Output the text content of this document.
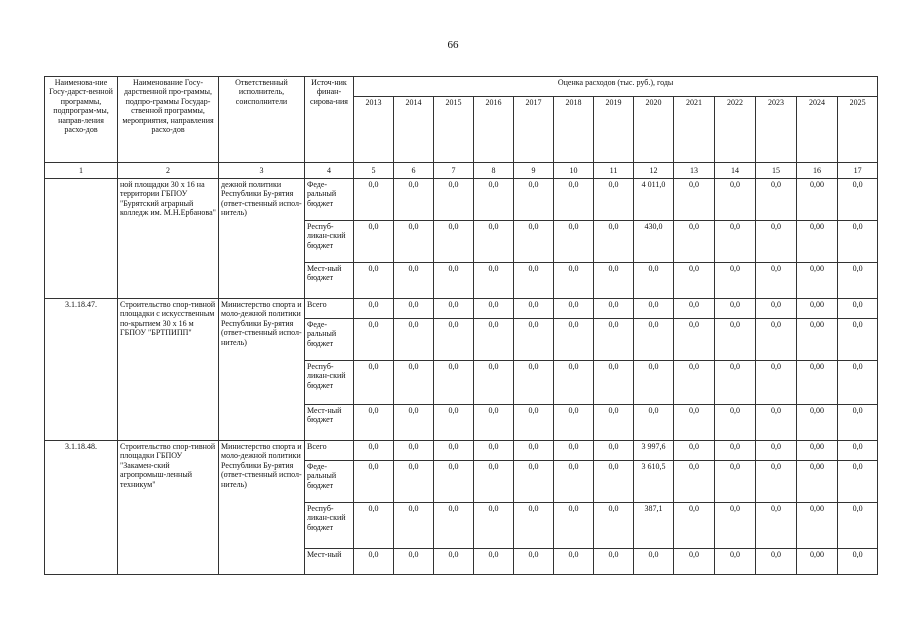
66
Наименова-ние Госу-дарст-венной программы, подпрограм-мы, направ-ления расхо-дов	Наименование Госу-дарственной про-граммы, подпро-граммы Государ-ственной программы, мероприятия, направления расхо-дов	Ответственный исполнитель, соисполнители	Источ-ник финан-сирова-ния	Оценка расходов (тыс. руб.), годы												
				2013	2014	2015	2016	2017	2018	2019	2020	2021	2022	2023	2024	2025
1	2	3	4	5	6	7	8	9	10	11	12	13	14	15	16	17
	ной площадки 30 х 16 на территории ГБПОУ "Бурятский аграрный колледж им. М.Н.Ербанова"	дежной политики Республики Бу-рятия (ответ-ственный испол-нитель)	Феде-ральный бюджет	0,0	0,0	0,0	0,0	0,0	0,0	0,0	4 011,0	0,0	0,0	0,0	0,00	0,0
			Респуб-ликан-ский бюджет	0,0	0,0	0,0	0,0	0,0	0,0	0,0	430,0	0,0	0,0	0,0	0,00	0,0
			Мест-ный бюджет	0,0	0,0	0,0	0,0	0,0	0,0	0,0	0,0	0,0	0,0	0,0	0,00	0,0
3.1.18.47.	Строительство спор-тивной площадки с искусственным по-крытием 30 х 16 м ГБПОУ "БРТПИПП"	Министерство спорта и моло-дежной политики Республики Бу-рятия (ответ-ственный испол-нитель)	Всего	0,0	0,0	0,0	0,0	0,0	0,0	0,0	0,0	0,0	0,0	0,0	0,00	0,0
			Феде-ральный бюджет	0,0	0,0	0,0	0,0	0,0	0,0	0,0	0,0	0,0	0,0	0,0	0,00	0,0
			Респуб-ликан-ский бюджет	0,0	0,0	0,0	0,0	0,0	0,0	0,0	0,0	0,0	0,0	0,0	0,00	0,0
			Мест-ный бюджет	0,0	0,0	0,0	0,0	0,0	0,0	0,0	0,0	0,0	0,0	0,0	0,00	0,0
3.1.18.48.	Строительство спор-тивной площадки ГБПОУ "Закамен-ский агропромыш-ленный техникум"	Министерство спорта и моло-дежной политики Республики Бу-рятия (ответ-ственный испол-нитель)	Всего	0,0	0,0	0,0	0,0	0,0	0,0	0,0	3 997,6	0,0	0,0	0,0	0,00	0,0
			Феде-ральный бюджет	0,0	0,0	0,0	0,0	0,0	0,0	0,0	3 610,5	0,0	0,0	0,0	0,00	0,0
			Респуб-ликан-ский бюджет	0,0	0,0	0,0	0,0	0,0	0,0	0,0	387,1	0,0	0,0	0,0	0,00	0,0
			Мест-ный	0,0	0,0	0,0	0,0	0,0	0,0	0,0	0,0	0,0	0,0	0,0	0,00	0,0
